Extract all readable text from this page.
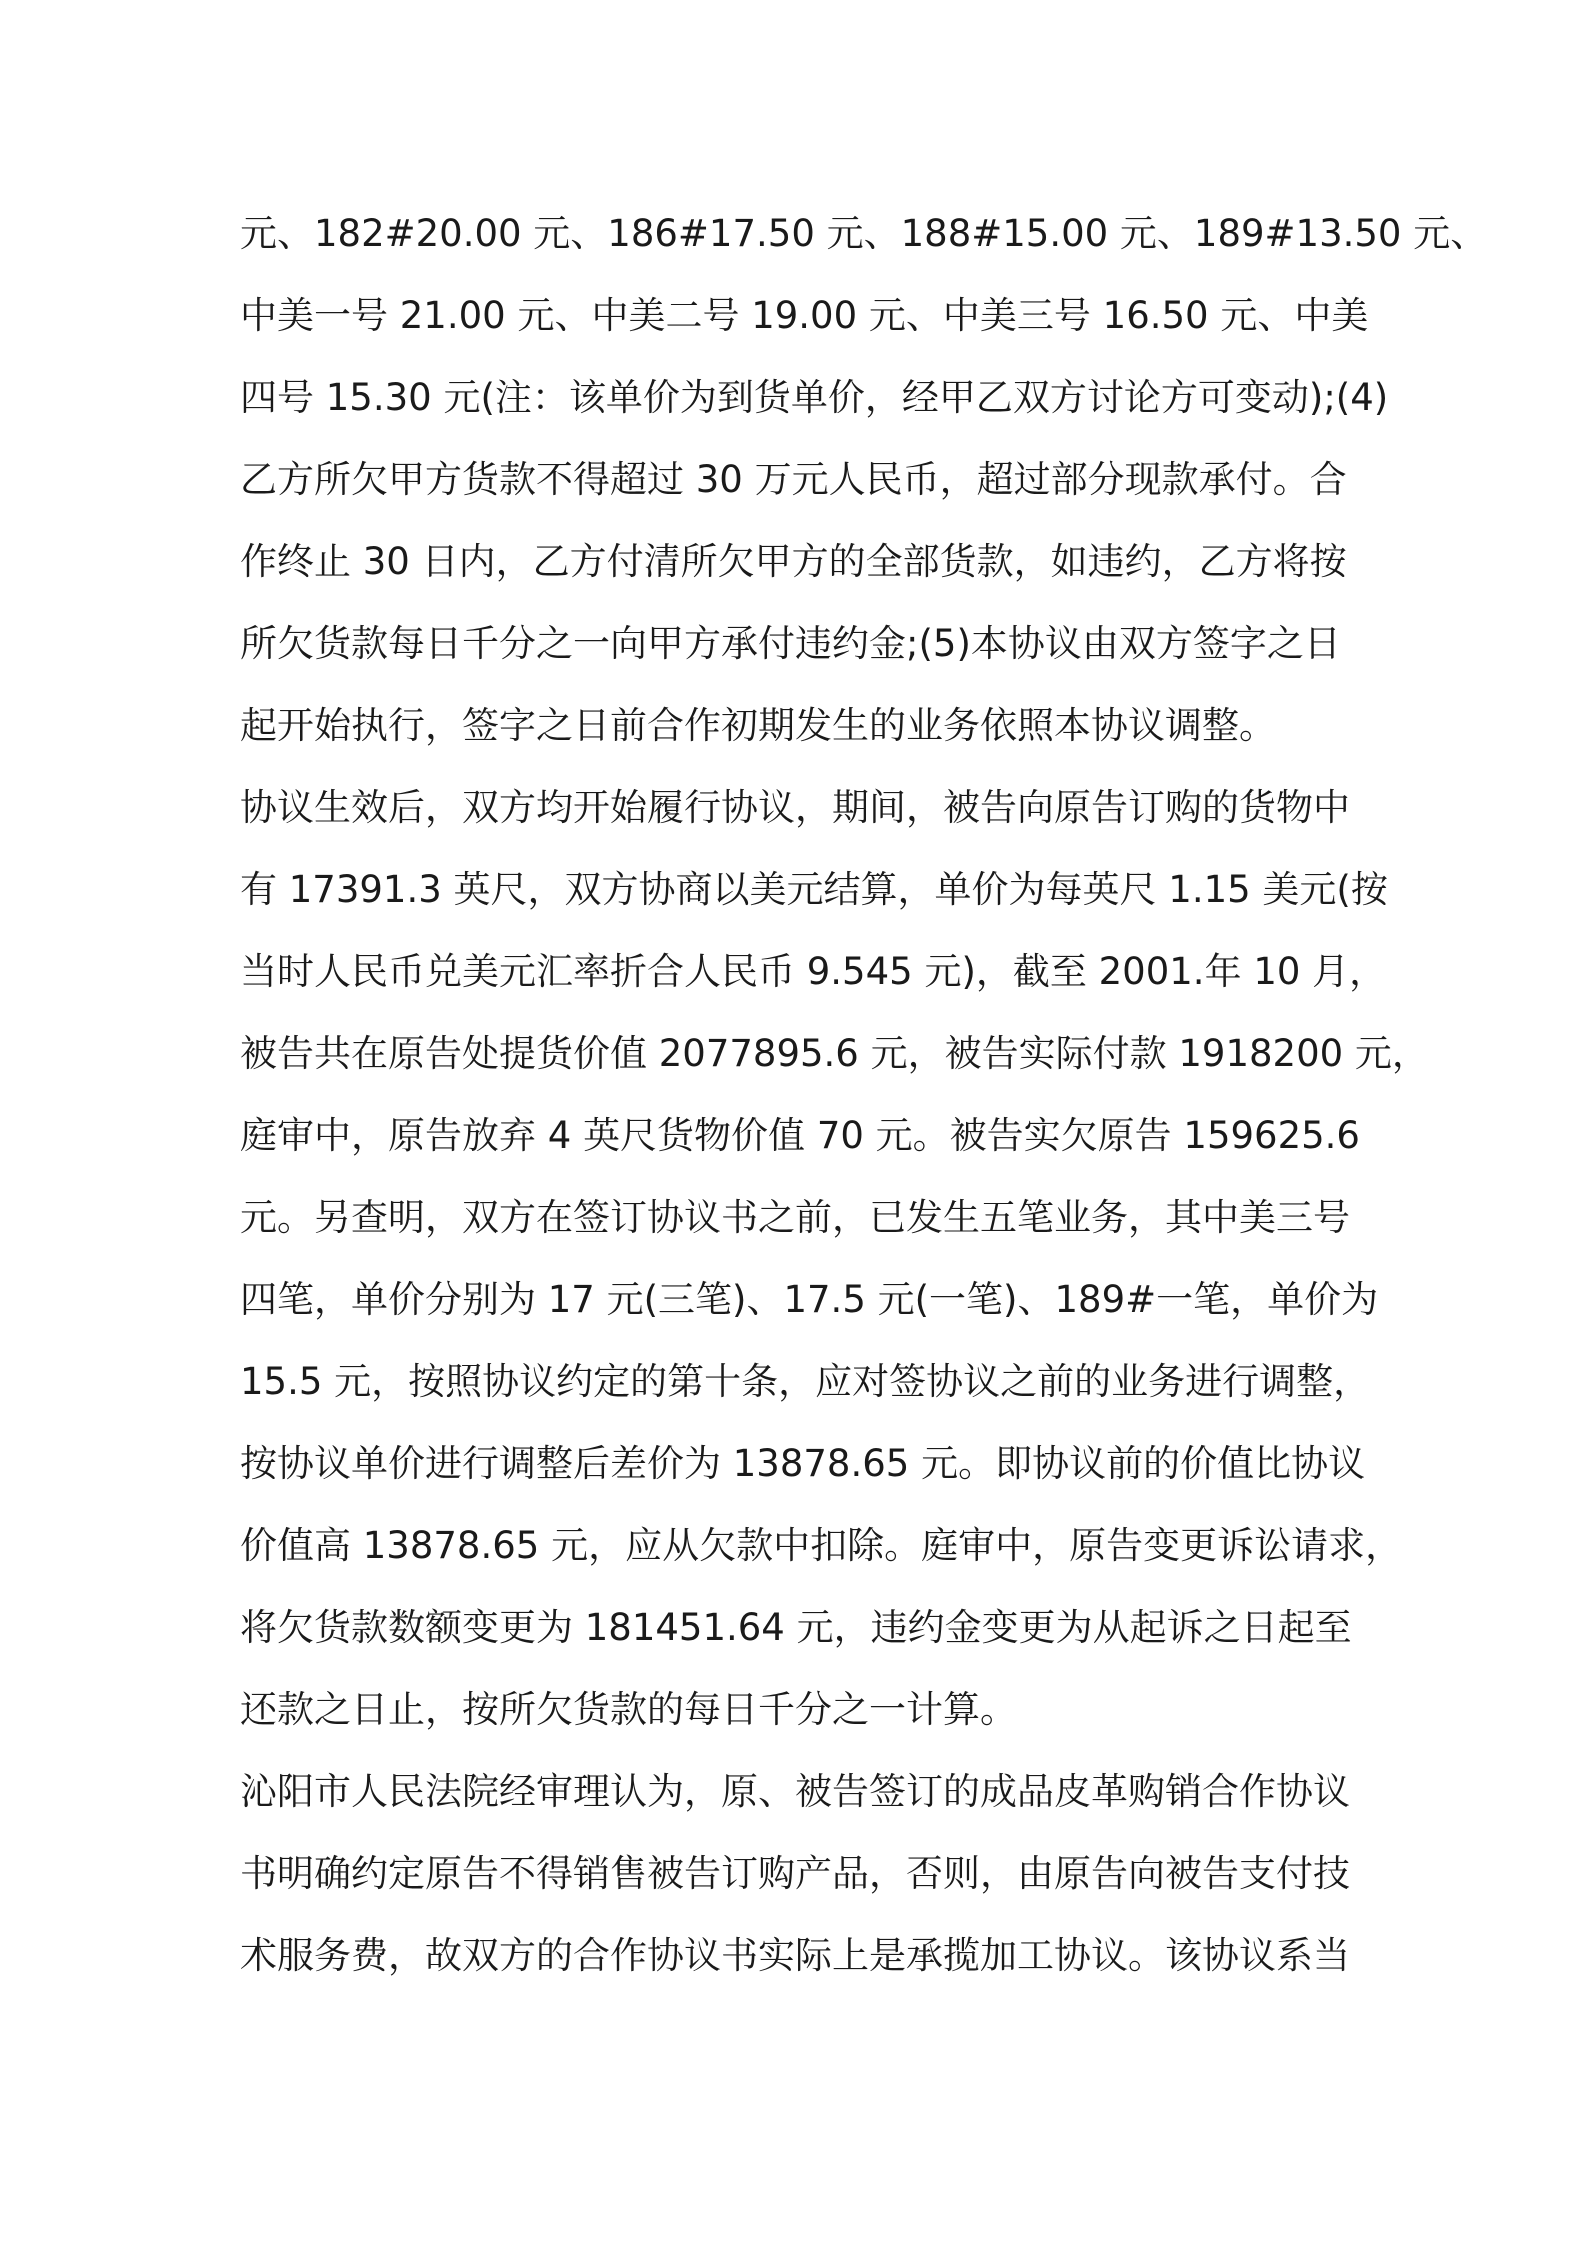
元、182#20.00 元、186#17.50 元、188#15.00 元、189#13.50 元、
中美一号 21.00 元、中美二号 19.00 元、中美三号 16.50 元、中美
四号 15.30 元(注：该单价为到货单价，经甲乙双方讨论方可变动);(4)
乙方所欠甲方货款不得超过 30 万元人民币，超过部分现款承付。合
作终止 30 日内，乙方付清所欠甲方的全部货款，如违约，乙方将按
所欠货款每日千分之一向甲方承付违约金;(5)本协议由双方签字之日
起开始执行，签字之日前合作初期发生的业务依照本协议调整。
协议生效后，双方均开始履行协议，期间，被告向原告订购的货物中
有 17391.3 英尺，双方协商以美元结算，单价为每英尺 1.15 美元(按
当时人民币兑美元汇率折合人民币 9.545 元)，截至 2001.年 10 月，
被告共在原告处提货价值 2077895.6 元，被告实际付款 1918200 元，
庭审中，原告放弃 4 英尺货物价值 70 元。被告实欠原告 159625.6
元。另查明，双方在签订协议书之前，已发生五笔业务，其中美三号
四笔，单价分别为 17 元(三笔)、17.5 元(一笔)、189#一笔，单价为
15.5 元，按照协议约定的第十条，应对签协议之前的业务进行调整，
按协议单价进行调整后差价为 13878.65 元。即协议前的价值比协议
价值高 13878.65 元，应从欠款中扣除。庭审中，原告变更诉讼请求，
将欠货款数额变更为 181451.64 元，违约金变更为从起诉之日起至
还款之日止，按所欠货款的每日千分之一计算。
沁阳市人民法院经审理认为，原、被告签订的成品皮革购销合作协议
书明确约定原告不得销售被告订购产品，否则，由原告向被告支付技
术服务费，故双方的合作协议书实际上是承揽加工协议。该协议系当
